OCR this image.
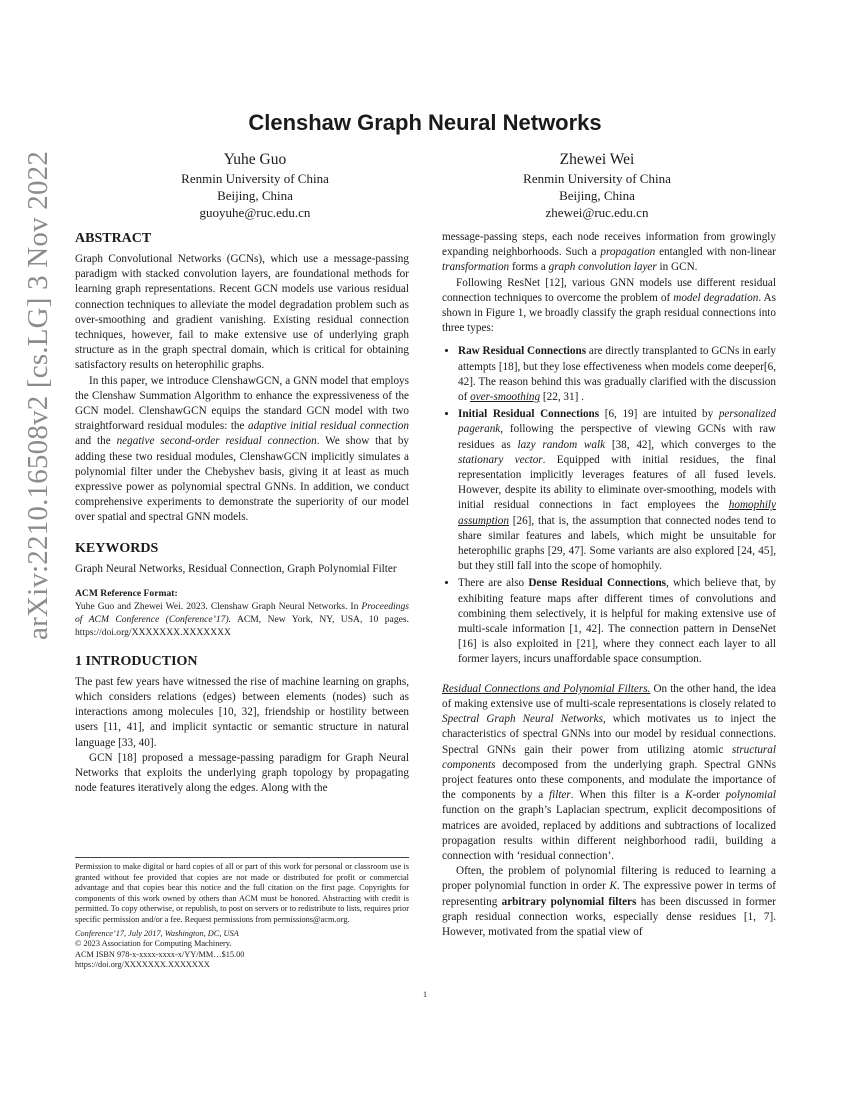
arXiv:2210.16508v2 [cs.LG] 3 Nov 2022
Clenshaw Graph Neural Networks
Yuhe Guo
Renmin University of China
Beijing, China
guoyuhe@ruc.edu.cn
Zhewei Wei
Renmin University of China
Beijing, China
zhewei@ruc.edu.cn
ABSTRACT

Graph Convolutional Networks (GCNs), which use a message-passing paradigm with stacked convolution layers, are foundational methods for learning graph representations. Recent GCN models use various residual connection techniques to alleviate the model degradation problem such as over-smoothing and gradient vanishing. Existing residual connection techniques, however, fail to make extensive use of underlying graph structure as in the graph spectral domain, which is critical for obtaining satisfactory results on heterophilic graphs.

In this paper, we introduce ClenshawGCN, a GNN model that employs the Clenshaw Summation Algorithm to enhance the expressiveness of the GCN model. ClenshawGCN equips the standard GCN model with two straightforward residual modules: the adaptive initial residual connection and the negative second-order residual connection. We show that by adding these two residual modules, ClenshawGCN implicitly simulates a polynomial filter under the Chebyshev basis, giving it at least as much expressive power as polynomial spectral GNNs. In addition, we conduct comprehensive experiments to demonstrate the superiority of our model over spatial and spectral GNN models.

KEYWORDS

Graph Neural Networks, Residual Connection, Graph Polynomial Filter

ACM Reference Format:
Yuhe Guo and Zhewei Wei. 2023. Clenshaw Graph Neural Networks. In Proceedings of ACM Conference (Conference’17). ACM, New York, NY, USA, 10 pages. https://doi.org/XXXXXXX.XXXXXXX
1 INTRODUCTION

The past few years have witnessed the rise of machine learning on graphs, which considers relations (edges) between elements (nodes) such as interactions among molecules [10, 32], friendship or hostility between users [11, 41], and implicit syntactic or semantic structure in natural language [33, 40].

GCN [18] proposed a message-passing paradigm for Graph Neural Networks that exploits the underlying graph topology by propagating node features iteratively along the edges. Along with the

Permission to make digital or hard copies of all or part of this work for personal or classroom use is granted without fee provided that copies are not made or distributed for profit or commercial advantage and that copies bear this notice and the full citation on the first page. Copyrights for components of this work owned by others than ACM must be honored. Abstracting with credit is permitted. To copy otherwise, or republish, to post on servers or to redistribute to lists, requires prior specific permission and/or a fee. Request permissions from permissions@acm.org.
Conference’17, July 2017, Washington, DC, USA
© 2023 Association for Computing Machinery.
ACM ISBN 978-x-xxxx-xxxx-x/YY/MM…$15.00
https://doi.org/XXXXXXX.XXXXXXX

message-passing steps, each node receives information from growingly expanding neighborhoods. Such a propagation entangled with non-linear transformation forms a graph convolution layer in GCN.

Following ResNet [12], various GNN models use different residual connection techniques to overcome the problem of model degradation. As shown in Figure 1, we broadly classify the graph residual connections into three types:

• Raw Residual Connections are directly transplanted to GCNs in early attempts [18], but they lose effectiveness when models come deeper[6, 42]. The reason behind this was gradually clarified with the discussion of over-smoothing [22, 31] .
• Initial Residual Connections [6, 19] are intuited by personalized pagerank, following the perspective of viewing GCNs with raw residues as lazy random walk [38, 42], which converges to the stationary vector. Equipped with initial residues, the final representation implicitly leverages features of all fused levels. However, despite its ability to eliminate over-smoothing, models with initial residual connections in fact employees the homophily assumption [26], that is, the assumption that connected nodes tend to share similar features and labels, which might be unsuitable for heterophilic graphs [29, 47]. Some variants are also explored [24, 45], but they still fall into the scope of homophily.
• There are also Dense Residual Connections, which believe that, by exhibiting feature maps after different times of convolutions and combining them selectively, it is helpful for making extensive use of multi-scale information [1, 42]. The connection pattern in DenseNet [16] is also exploited in [21], where they connect each layer to all former layers, incurs unaffordable space consumption.

Residual Connections and Polynomial Filters. On the other hand, the idea of making extensive use of multi-scale representations is closely related to Spectral Graph Neural Networks, which motivates us to inject the characteristics of spectral GNNs into our model by residual connections. Spectral GNNs gain their power from utilizing atomic structural components decomposed from the underlying graph. Spectral GNNs project features onto these components, and modulate the importance of the components by a filter. When this filter is a K-order polynomial function on the graph’s Laplacian spectrum, explicit decompositions of matrices are avoided, replaced by additions and subtractions of localized propagation results within different neighborhood radii, building a connection with ‘residual connection’.

Often, the problem of polynomial filtering is reduced to learning a proper polynomial function in order K. The expressive power in terms of representing arbitrary polynomial filters has been discussed in former graph residual connection works, especially dense residues [1, 7]. However, motivated from the spatial view of

1
